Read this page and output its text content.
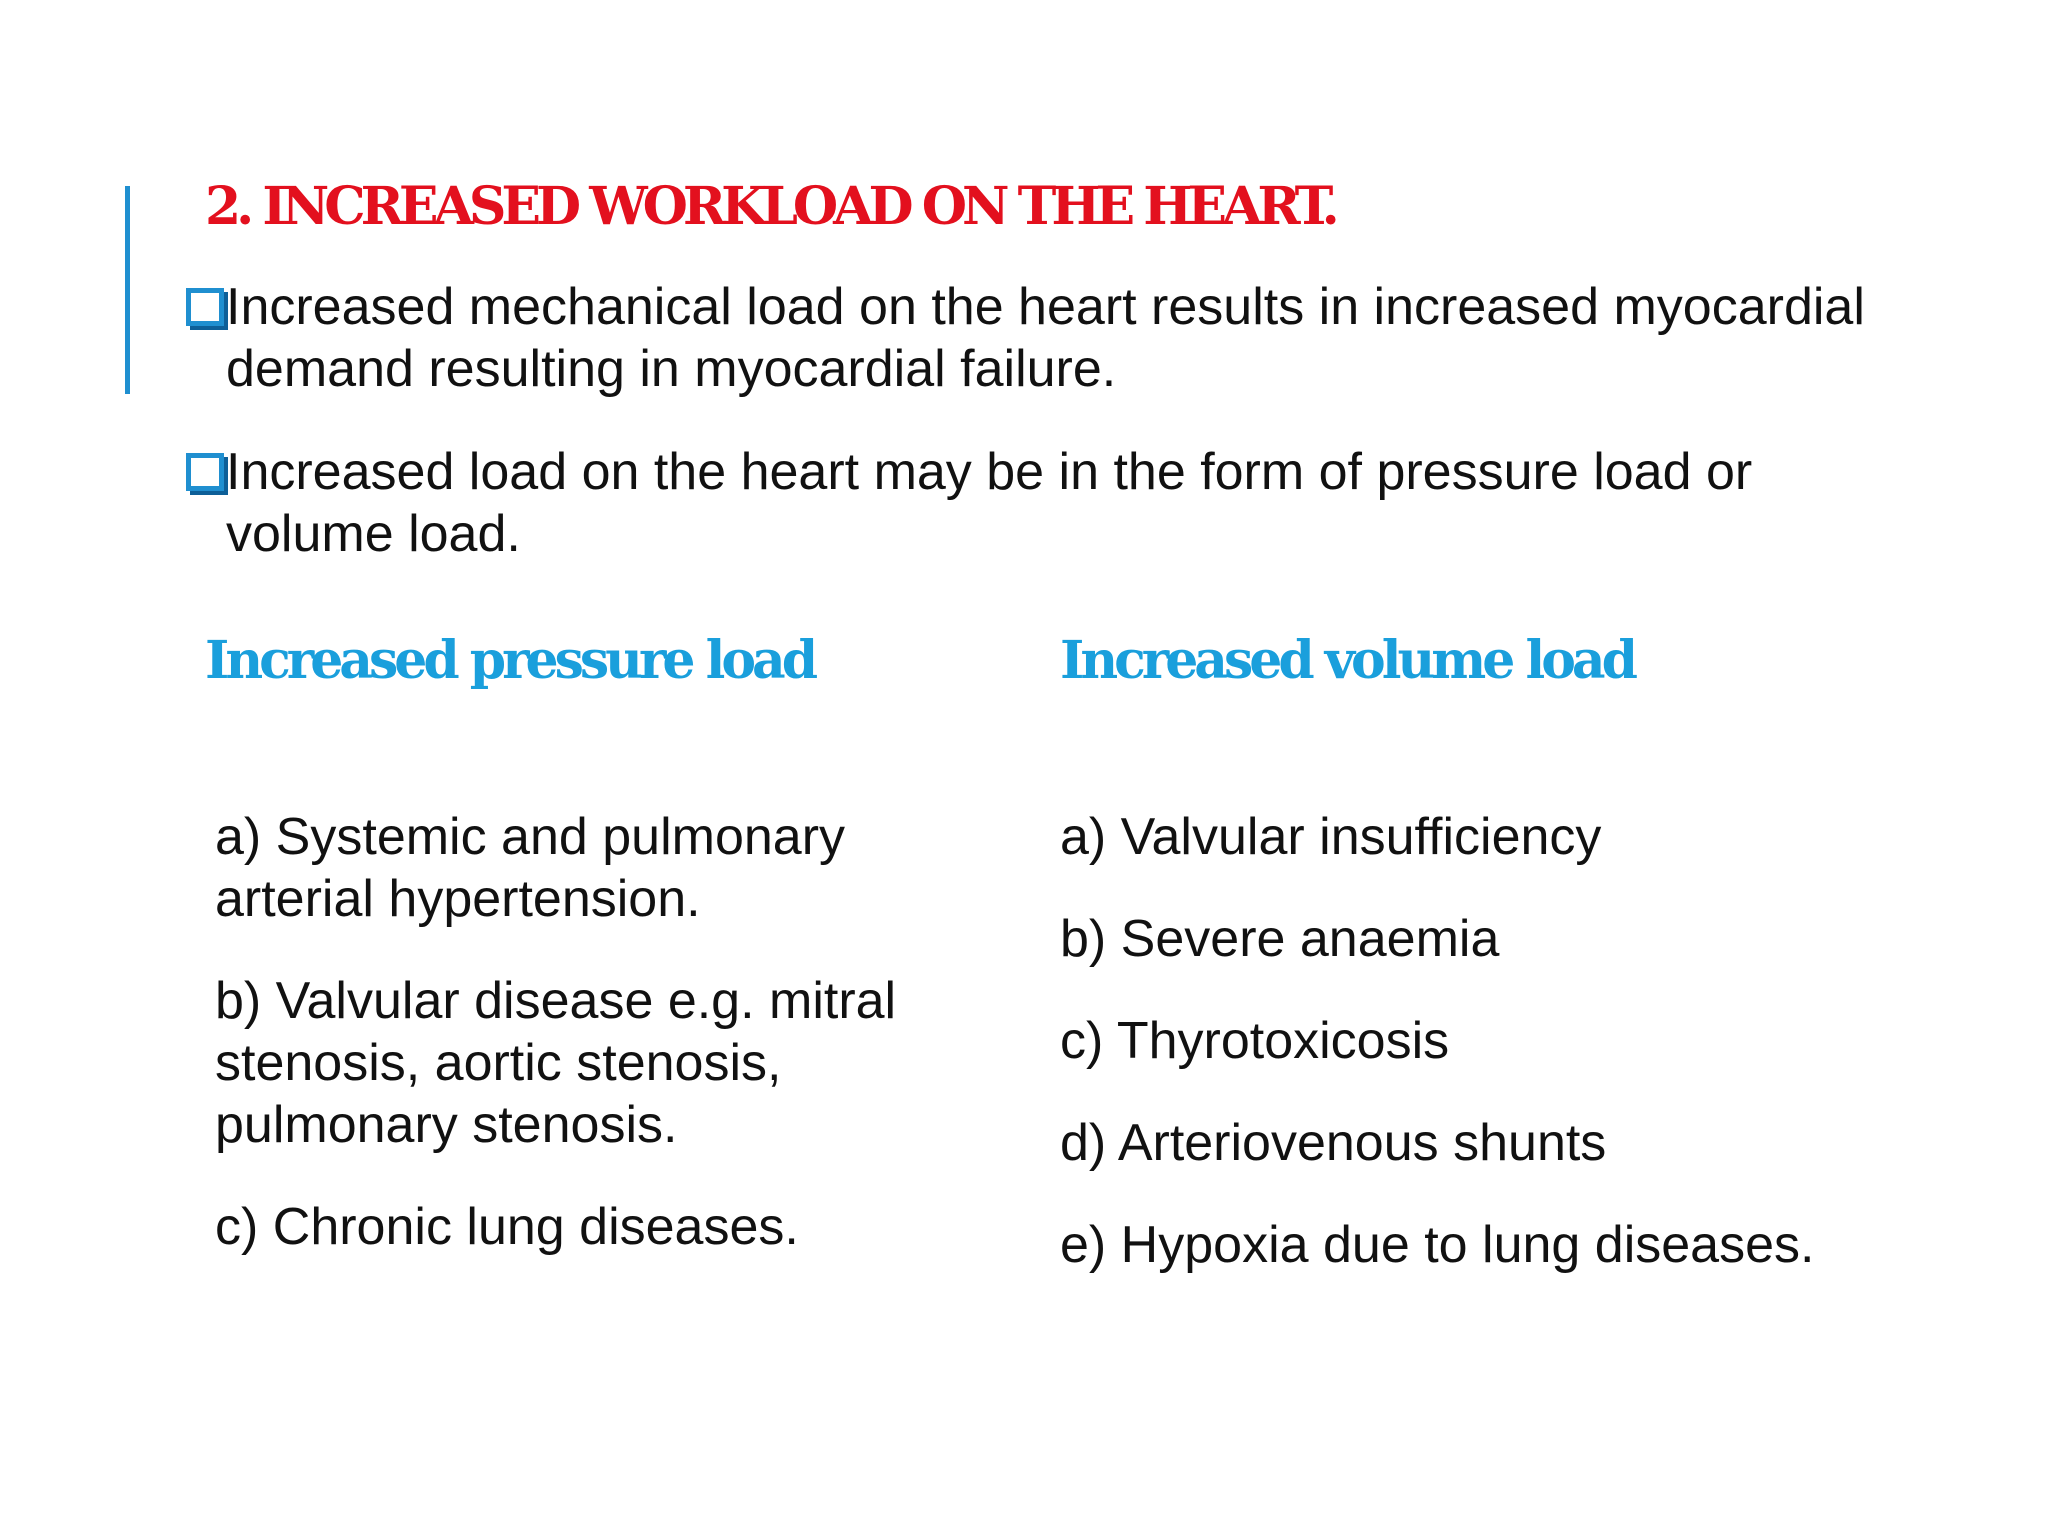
2. INCREASED WORKLOAD ON THE HEART.
Increased mechanical load on the heart results in increased myocardial demand resulting in myocardial failure.
Increased load on the heart may be in the form of pressure load or volume load.
Increased pressure load	Increased volume load
a) Systemic and pulmonary arterial hypertension.
b) Valvular disease e.g. mitral stenosis, aortic stenosis, pulmonary stenosis.
c) Chronic lung diseases.
a) Valvular insufficiency
b) Severe anaemia
c) Thyrotoxicosis
d) Arteriovenous shunts
e) Hypoxia due to lung diseases.
